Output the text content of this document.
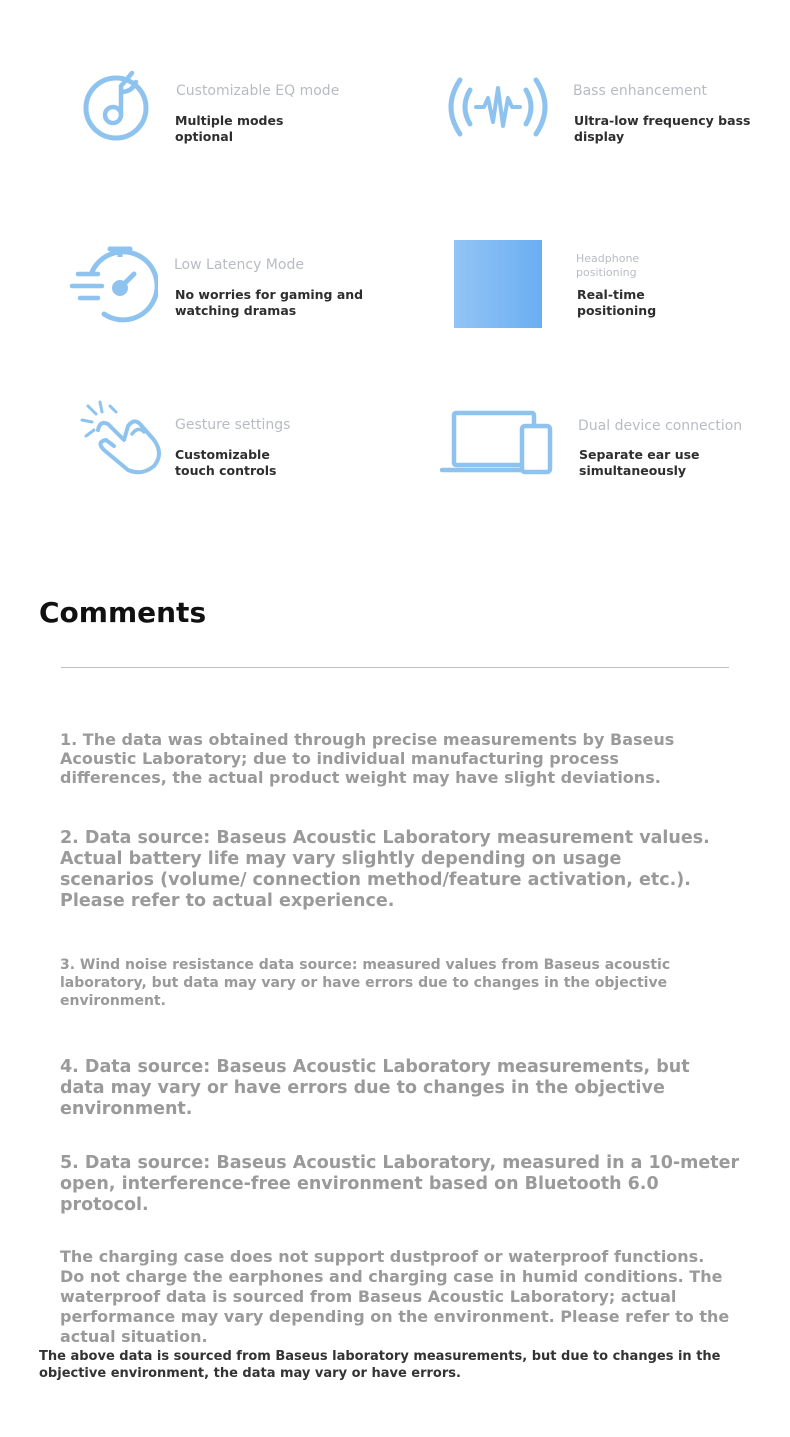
Customizable EQ mode
Multiple modes optional
Bass enhancement
Ultra-low frequency bass display
Low Latency Mode
No worries for gaming and watching dramas
Headphone positioning
Real-time positioning
Gesture settings
Customizable touch controls
Dual device connection
Separate ear use simultaneously
Comments
1. The data was obtained through precise measurements by Baseus Acoustic Laboratory; due to individual manufacturing process differences, the actual product weight may have slight deviations.
2. Data source: Baseus Acoustic Laboratory measurement values. Actual battery life may vary slightly depending on usage scenarios (volume/ connection method/feature activation, etc.). Please refer to actual experience.
3. Wind noise resistance data source: measured values from Baseus acoustic laboratory, but data may vary or have errors due to changes in the objective environment.
4. Data source: Baseus Acoustic Laboratory measurements, but data may vary or have errors due to changes in the objective environment.
5. Data source: Baseus Acoustic Laboratory, measured in a 10-meter open, interference-free environment based on Bluetooth 6.0 protocol.
The charging case does not support dustproof or waterproof functions. Do not charge the earphones and charging case in humid conditions. The waterproof data is sourced from Baseus Acoustic Laboratory; actual performance may vary depending on the environment. Please refer to the actual situation.
The above data is sourced from Baseus laboratory measurements, but due to changes in the objective environment, the data may vary or have errors.
